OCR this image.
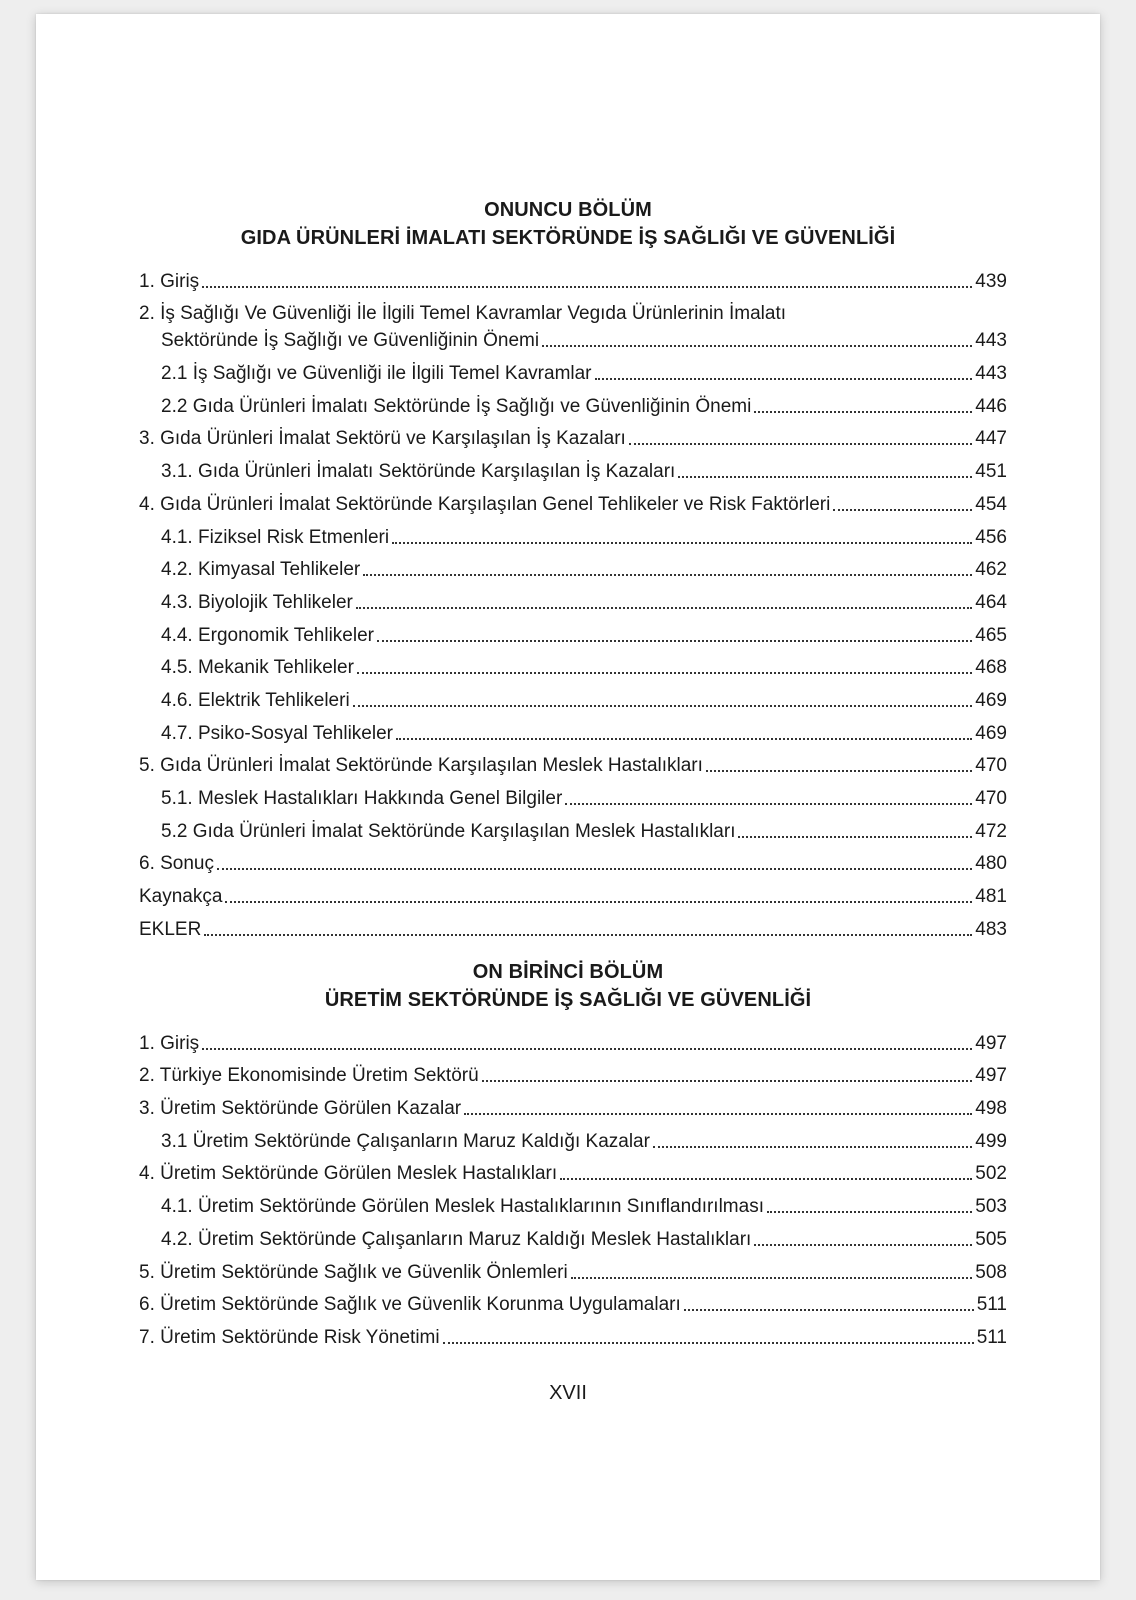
ONUNCU BÖLÜM
GIDA ÜRÜNLERİ İMALATI SEKTÖRÜNDE İŞ SAĞLIĞI VE GÜVENLİĞİ
1. Giriş	439
2. İş Sağlığı Ve Güvenliği İle İlgili Temel Kavramlar Vegıda Ürünlerinin İmalatı
Sektöründe İş Sağlığı ve Güvenliğinin Önemi	443
2.1 İş Sağlığı ve Güvenliği ile İlgili Temel Kavramlar	443
2.2 Gıda Ürünleri İmalatı Sektöründe İş Sağlığı ve Güvenliğinin Önemi	446
3. Gıda Ürünleri İmalat Sektörü ve Karşılaşılan İş Kazaları	447
3.1. Gıda Ürünleri İmalatı Sektöründe Karşılaşılan İş Kazaları	451
4. Gıda Ürünleri İmalat Sektöründe Karşılaşılan Genel Tehlikeler ve Risk Faktörleri	454
4.1. Fiziksel Risk Etmenleri	456
4.2. Kimyasal Tehlikeler	462
4.3. Biyolojik Tehlikeler	464
4.4. Ergonomik Tehlikeler	465
4.5. Mekanik Tehlikeler	468
4.6. Elektrik Tehlikeleri	469
4.7. Psiko-Sosyal Tehlikeler	469
5. Gıda Ürünleri İmalat Sektöründe Karşılaşılan Meslek Hastalıkları	470
5.1. Meslek Hastalıkları Hakkında Genel Bilgiler	470
5.2 Gıda Ürünleri İmalat Sektöründe Karşılaşılan Meslek Hastalıkları	472
6. Sonuç	480
Kaynakça	481
EKLER	483
ON BİRİNCİ BÖLÜM
ÜRETİM SEKTÖRÜNDE İŞ SAĞLIĞI VE GÜVENLİĞİ
1. Giriş	497
2. Türkiye Ekonomisinde Üretim Sektörü	497
3. Üretim Sektöründe Görülen Kazalar	498
3.1 Üretim Sektöründe Çalışanların Maruz Kaldığı Kazalar	499
4. Üretim Sektöründe Görülen Meslek Hastalıkları	502
4.1. Üretim Sektöründe Görülen Meslek Hastalıklarının Sınıflandırılması	503
4.2. Üretim Sektöründe Çalışanların Maruz Kaldığı Meslek Hastalıkları	505
5. Üretim Sektöründe Sağlık ve Güvenlik Önlemleri	508
6. Üretim Sektöründe Sağlık ve Güvenlik Korunma Uygulamaları	511
7. Üretim Sektöründe Risk Yönetimi	511
XVII
